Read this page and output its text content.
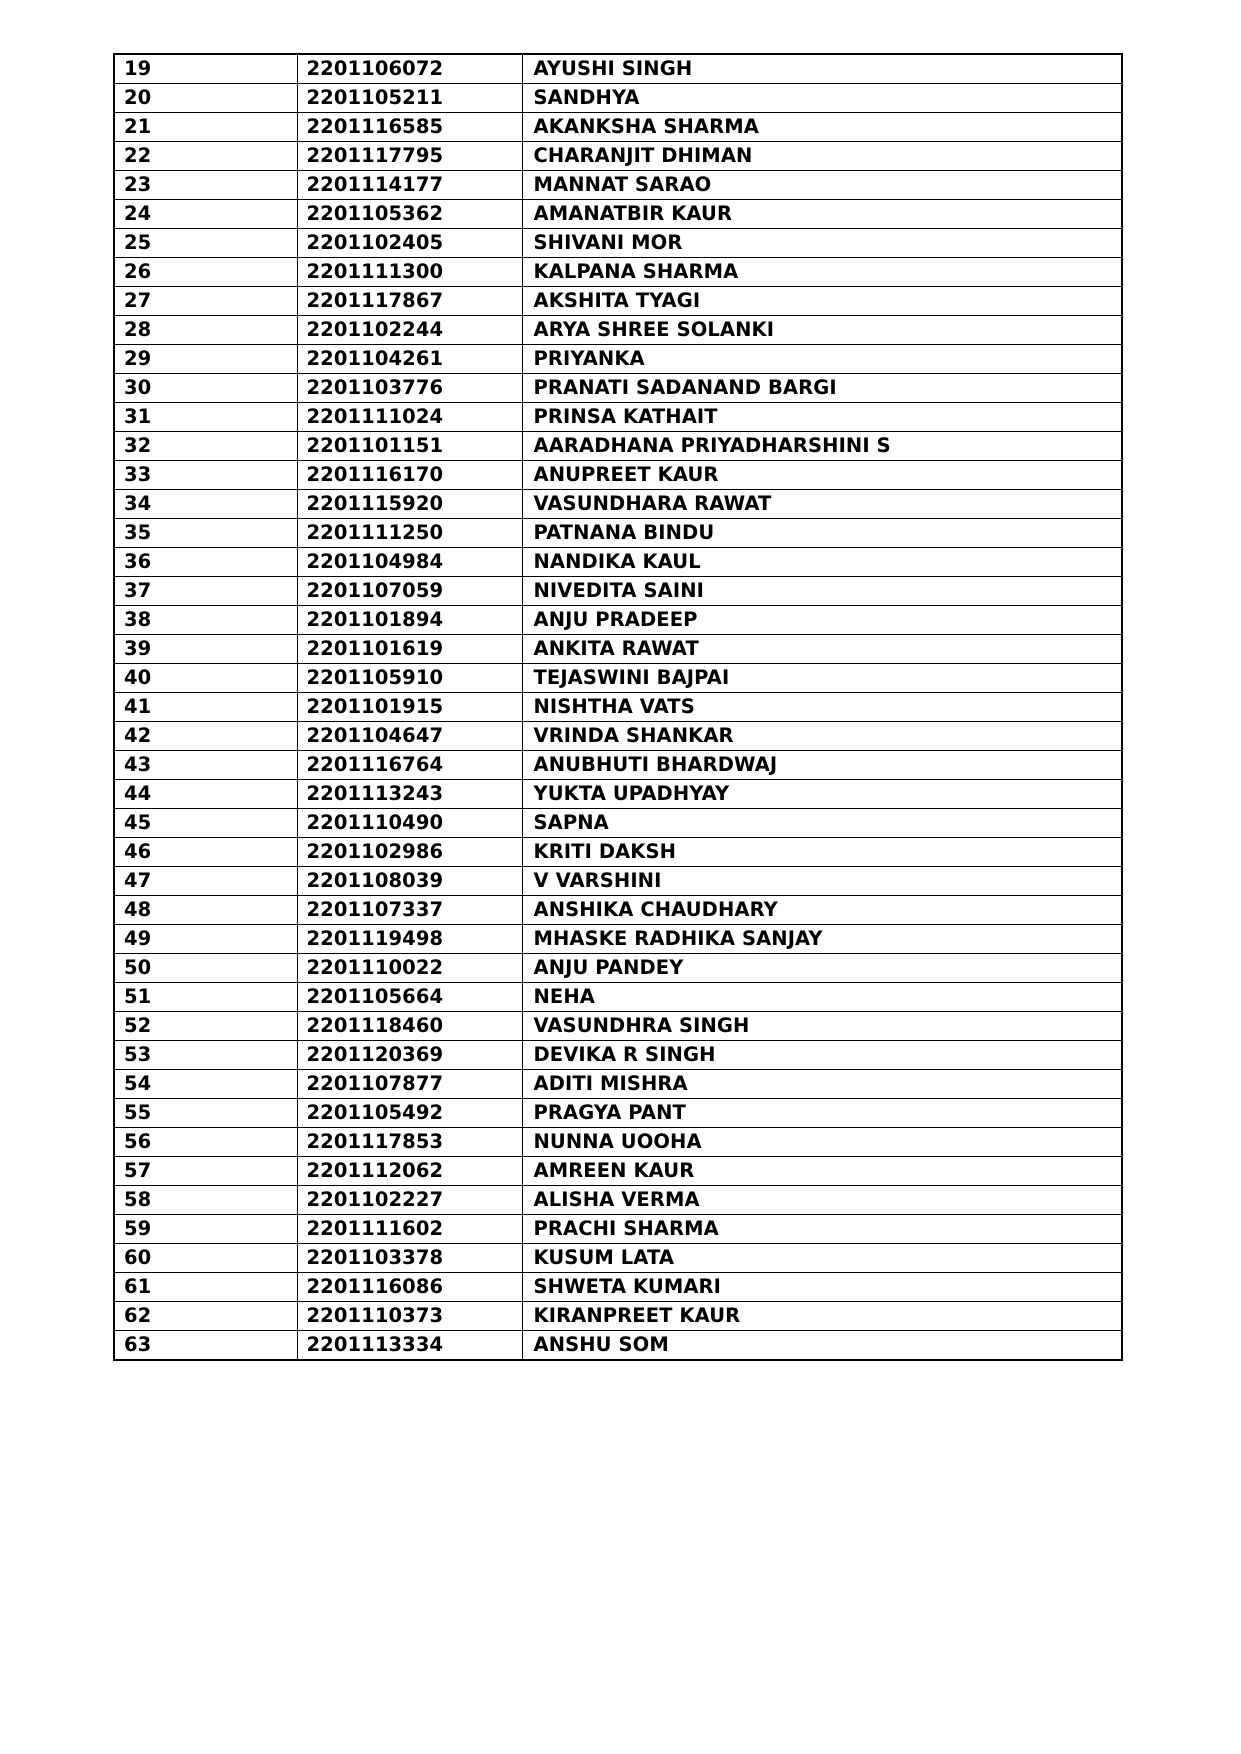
19	2201106072	AYUSHI SINGH
20	2201105211	SANDHYA
21	2201116585	AKANKSHA SHARMA
22	2201117795	CHARANJIT DHIMAN
23	2201114177	MANNAT SARAO
24	2201105362	AMANATBIR KAUR
25	2201102405	SHIVANI MOR
26	2201111300	KALPANA SHARMA
27	2201117867	AKSHITA TYAGI
28	2201102244	ARYA SHREE SOLANKI
29	2201104261	PRIYANKA
30	2201103776	PRANATI SADANAND BARGI
31	2201111024	PRINSA KATHAIT
32	2201101151	AARADHANA PRIYADHARSHINI S
33	2201116170	ANUPREET KAUR
34	2201115920	VASUNDHARA RAWAT
35	2201111250	PATNANA BINDU
36	2201104984	NANDIKA KAUL
37	2201107059	NIVEDITA SAINI
38	2201101894	ANJU PRADEEP
39	2201101619	ANKITA RAWAT
40	2201105910	TEJASWINI BAJPAI
41	2201101915	NISHTHA VATS
42	2201104647	VRINDA SHANKAR
43	2201116764	ANUBHUTI BHARDWAJ
44	2201113243	YUKTA UPADHYAY
45	2201110490	SAPNA
46	2201102986	KRITI DAKSH
47	2201108039	V VARSHINI
48	2201107337	ANSHIKA CHAUDHARY
49	2201119498	MHASKE RADHIKA SANJAY
50	2201110022	ANJU PANDEY
51	2201105664	NEHA
52	2201118460	VASUNDHRA SINGH
53	2201120369	DEVIKA R SINGH
54	2201107877	ADITI MISHRA
55	2201105492	PRAGYA PANT
56	2201117853	NUNNA UOOHA
57	2201112062	AMREEN KAUR
58	2201102227	ALISHA VERMA
59	2201111602	PRACHI SHARMA
60	2201103378	KUSUM LATA
61	2201116086	SHWETA KUMARI
62	2201110373	KIRANPREET KAUR
63	2201113334	ANSHU SOM
